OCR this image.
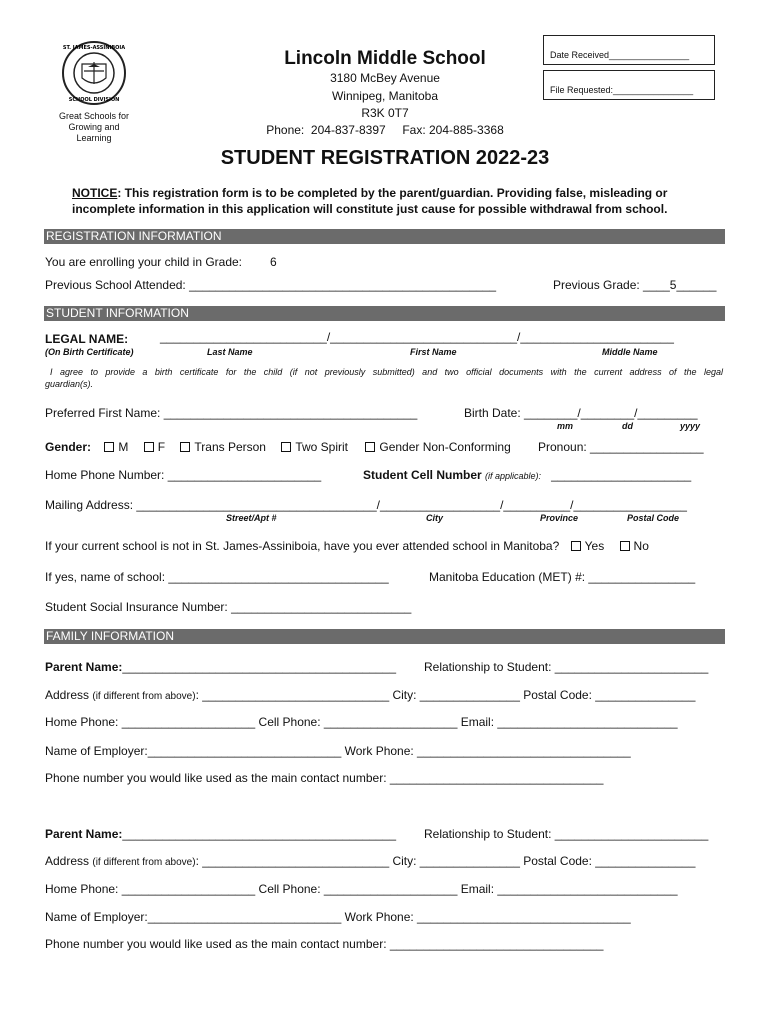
ST. JAMES-ASSINIBOIA
SCHOOL DIVISION
Great Schools for
Growing and
Learning
Lincoln Middle School
3180 McBey Avenue
Winnipeg, Manitoba
R3K 0T7
Phone:  204-837-8397     Fax: 204-885-3368
Date Received________________
File Requested:________________
STUDENT REGISTRATION 2022-23
NOTICE: This registration form is to be completed by the parent/guardian. Providing false, misleading or
incomplete information in this application will constitute just cause for possible withdrawal from school.
REGISTRATION INFORMATION
You are enrolling your child in Grade: 6
Previous School Attended: ______________________________________________	Previous Grade: ____5______
STUDENT INFORMATION
LEGAL NAME:	_________________________/____________________________/_______________________
(On Birth Certificate)	Last Name	First Name	Middle Name
I agree to provide a birth certificate for the child (if not previously submitted) and two official documents with the current address of the legal
guardian(s).
Preferred First Name: ______________________________________	Birth Date: ________/________/_________
mm	dd	yyyy
Gender: M F Trans Person Two Spirit	Gender Non-Conforming Pronoun: _________________
Home Phone Number: _______________________	Student Cell Number (if applicable): _____________________
Mailing Address: ____________________________________/__________________/__________/_________________
Street/Apt #	City	Province	Postal Code
If your current school is not in St. James-Assiniboia, have you ever attended school in Manitoba? Yes No
If yes, name of school: _________________________________	Manitoba Education (MET) #: ________________
Student Social Insurance Number: ___________________________
FAMILY INFORMATION
Parent Name:_________________________________________ Relationship to Student: _______________________
Address (if different from above): ____________________________ City: _______________ Postal Code: _______________
Home Phone: ____________________ Cell Phone: ____________________ Email: ___________________________
Name of Employer:_____________________________ Work Phone: ________________________________
Phone number you would like used as the main contact number: ________________________________
Parent Name:_________________________________________ Relationship to Student: _______________________
Address (if different from above): ____________________________ City: _______________ Postal Code: _______________
Home Phone: ____________________ Cell Phone: ____________________ Email: ___________________________
Name of Employer:_____________________________ Work Phone: ________________________________
Phone number you would like used as the main contact number: ________________________________
